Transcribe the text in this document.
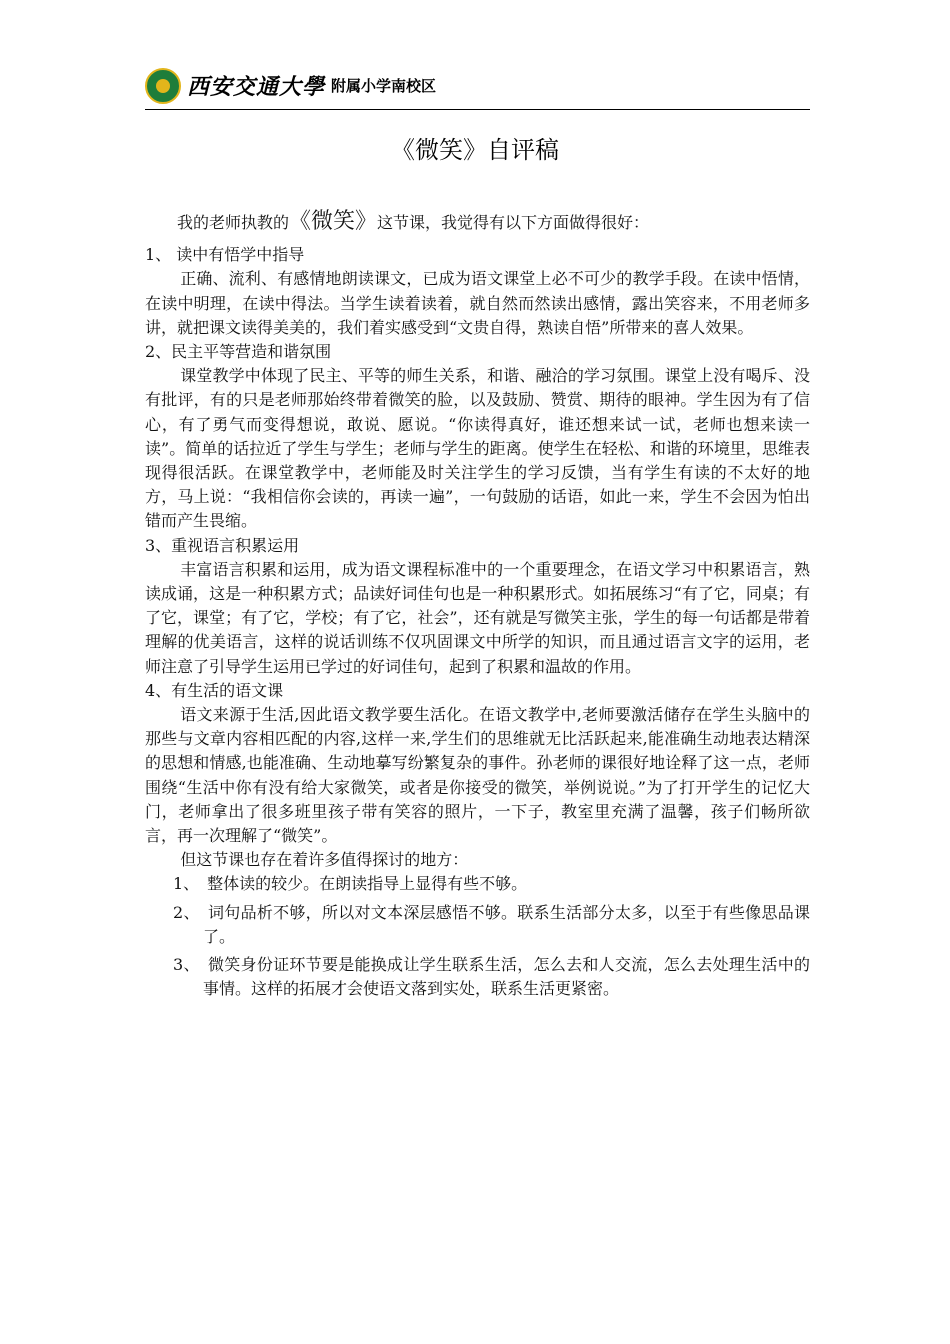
西安交通大學 附属小学南校区
《微笑》自评稿

我的老师执教的《微笑》这节课，我觉得有以下方面做得很好：

1、 读中有悟学中指导

正确、流利、有感情地朗读课文，已成为语文课堂上必不可少的教学手段。在读中悟情，在读中明理，在读中得法。当学生读着读着，就自然而然读出感情，露出笑容来，不用老师多讲，就把课文读得美美的，我们着实感受到“文贵自得，熟读自悟”所带来的喜人效果。

2、民主平等营造和谐氛围

课堂教学中体现了民主、平等的师生关系，和谐、融洽的学习氛围。课堂上没有喝斥、没有批评，有的只是老师那始终带着微笑的脸，以及鼓励、赞赏、期待的眼神。学生因为有了信心，有了勇气而变得想说，敢说、愿说。“你读得真好，谁还想来试一试，老师也想来读一读”。简单的话拉近了学生与学生；老师与学生的距离。使学生在轻松、和谐的环境里，思维表现得很活跃。在课堂教学中，老师能及时关注学生的学习反馈，当有学生有读的不太好的地方，马上说：“我相信你会读的，再读一遍”，一句鼓励的话语，如此一来，学生不会因为怕出错而产生畏缩。

3、重视语言积累运用

丰富语言积累和运用，成为语文课程标准中的一个重要理念，在语文学习中积累语言，熟读成诵，这是一种积累方式；品读好词佳句也是一种积累形式。如拓展练习“有了它，同桌；有了它，课堂；有了它，学校；有了它，社会”，还有就是写微笑主张，学生的每一句话都是带着理解的优美语言，这样的说话训练不仅巩固课文中所学的知识，而且通过语言文字的运用，老师注意了引导学生运用已学过的好词佳句，起到了积累和温故的作用。

4、有生活的语文课

语文来源于生活,因此语文教学要生活化。在语文教学中,老师要激活储存在学生头脑中的那些与文章内容相匹配的内容,这样一来,学生们的思维就无比活跃起来,能准确生动地表达精深的思想和情感,也能准确、生动地摹写纷繁复杂的事件。孙老师的课很好地诠释了这一点，老师围绕“生活中你有没有给大家微笑，或者是你接受的微笑，举例说说。”为了打开学生的记忆大门，老师拿出了很多班里孩子带有笑容的照片，一下子，教室里充满了温馨，孩子们畅所欲言，再一次理解了“微笑”。

但这节课也存在着许多值得探讨的地方：

1、　整体读的较少。在朗读指导上显得有些不够。

2、　词句品析不够，所以对文本深层感悟不够。联系生活部分太多，以至于有些像思品课了。

3、　微笑身份证环节要是能换成让学生联系生活，怎么去和人交流，怎么去处理生活中的事情。这样的拓展才会使语文落到实处，联系生活更紧密。
